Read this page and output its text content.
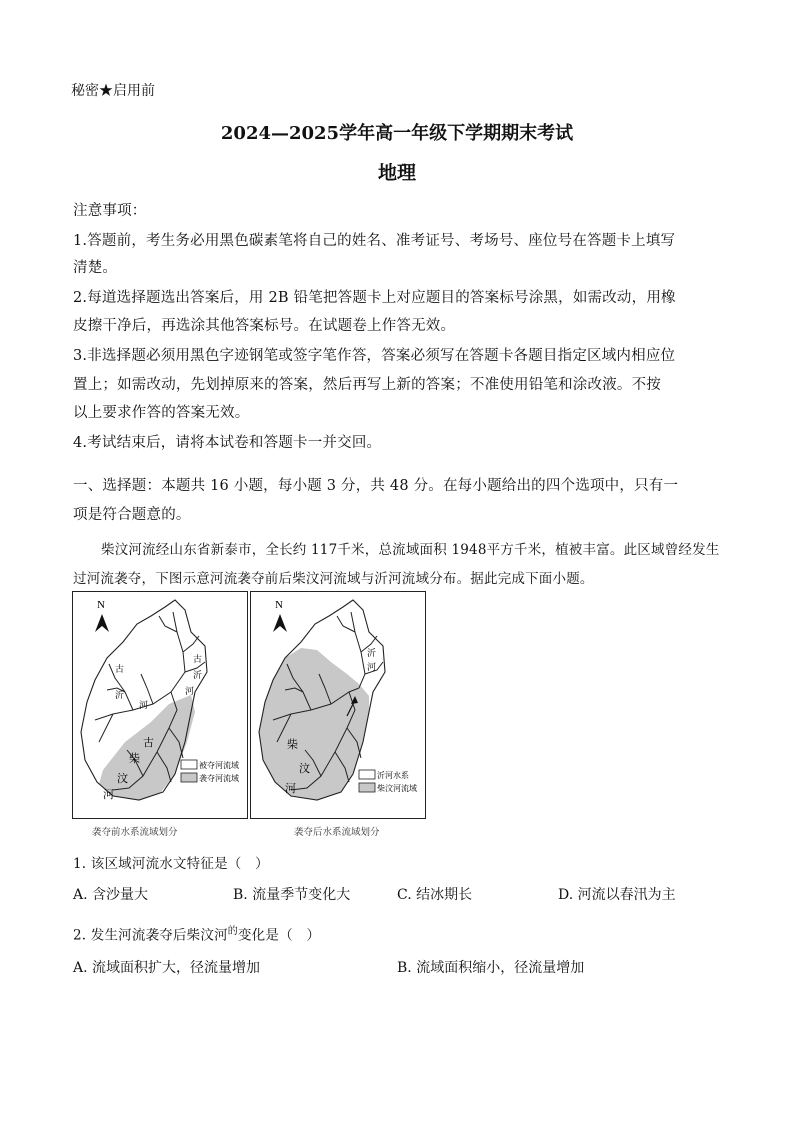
秘密★启用前
2024—2025学年高一年级下学期期末考试
地理
注意事项：
1.答题前，考生务必用黑色碳素笔将自己的姓名、准考证号、考场号、座位号在答题卡上填写
清楚。
2.每道选择题选出答案后，用 2B 铅笔把答题卡上对应题目的答案标号涂黑，如需改动，用橡
皮擦干净后，再选涂其他答案标号。在试题卷上作答无效。
3.非选择题必须用黑色字迹钢笔或签字笔作答，答案必须写在答题卡各题目指定区域内相应位
置上；如需改动，先划掉原来的答案，然后再写上新的答案；不准使用铅笔和涂改液。不按
以上要求作答的答案无效。
4.考试结束后，请将本试卷和答题卡一并交回。
一、选择题：本题共 16 小题，每小题 3 分，共 48 分。在每小题给出的四个选项中，只有一
项是符合题意的。
柴汶河流经山东省新泰市，全长约 117千米，总流域面积 1948平方千米，植被丰富。此区域曾经发生
过河流袭夺，下图示意河流袭夺前后柴汶河流域与沂河流域分布。据此完成下面小题。
N
古
沂
河
古
沂
河
古
柴
汶
河
被夺河流域
袭夺河流域
袭夺前水系流域划分
N
沂
河
柴
汶
河
沂河水系
柴汶河流域
袭夺后水系流域划分
1. 该区域河流水文特征是（　）
A. 含沙量大	B. 流量季节变化大	C. 结冰期长	D. 河流以春汛为主
2. 发生河流袭夺后柴汶河$^的$变化是（　）
A. 流域面积扩大，径流量增加	B. 流域面积缩小，径流量增加
